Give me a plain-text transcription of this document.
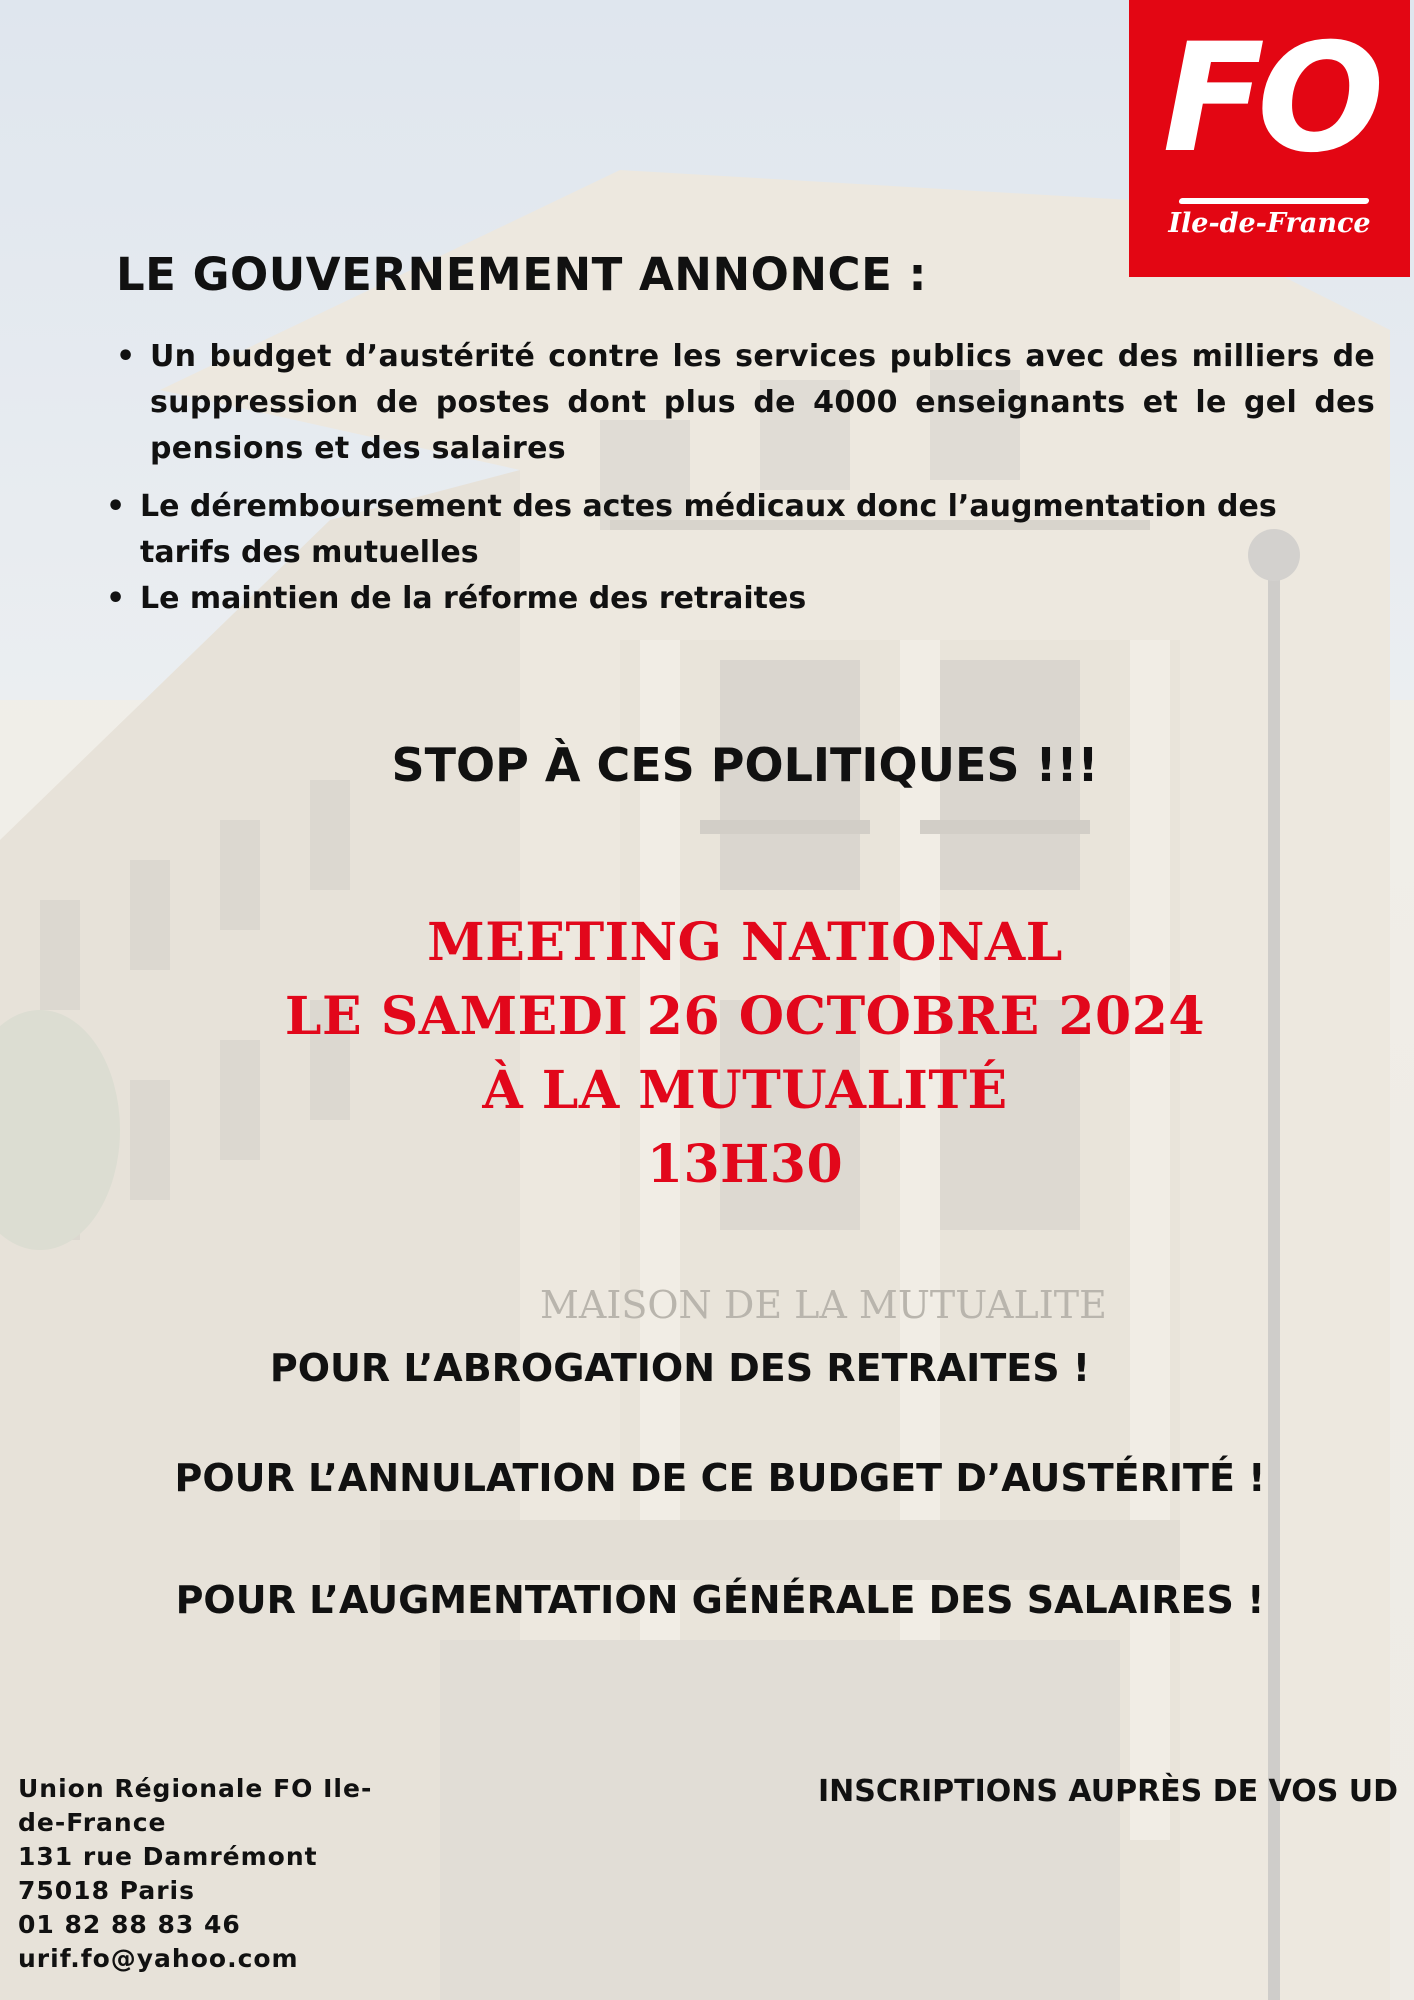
MAISON DE LA MUTUALITE
FO
Ile-de-France
LE GOUVERNEMENT ANNONCE :
• Un budget d’austérité contre les services publics avec des milliers de suppression de postes dont plus de 4000 enseignants et le gel des pensions et des salaires
• Le déremboursement des actes médicaux donc l’augmentation des tarifs des mutuelles
• Le maintien de la réforme des retraites
STOP À CES POLITIQUES !!!
MEETING NATIONAL
LE SAMEDI 26 OCTOBRE 2024
À LA MUTUALITÉ
13H30
POUR L’ABROGATION DES RETRAITES !
POUR L’ANNULATION DE CE BUDGET D’AUSTÉRITÉ !
POUR L’AUGMENTATION GÉNÉRALE DES SALAIRES !
Union Régionale FO Ile-de-France
131 rue Damrémont
75018 Paris
01 82 88 83 46
urif.fo@yahoo.com
INSCRIPTIONS AUPRÈS DE VOS UD
